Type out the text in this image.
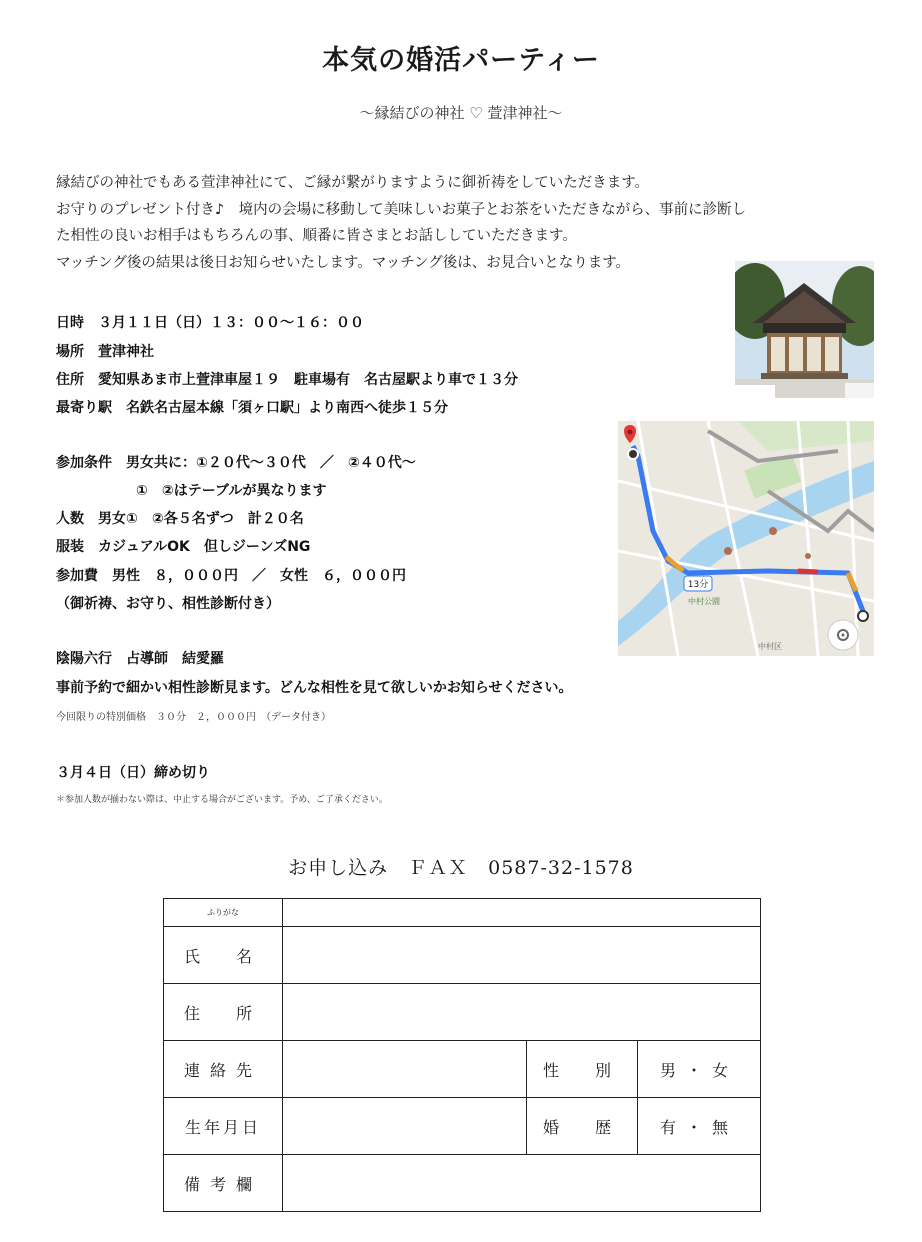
本気の婚活パーティー
～縁結びの神社 ♡ 萱津神社～

縁結びの神社でもある萱津神社にて、ご縁が繋がりますように御祈祷をしていただきます。

お守りのプレゼント付き♪　境内の会場に移動して美味しいお菓子とお茶をいただきながら、事前に診断し

た相性の良いお相手はもちろんの事、順番に皆さまとお話ししていただきます。

マッチング後の結果は後日お知らせいたします。マッチング後は、お見合いとなります。

日時　３月１１日（日）１３：００～１６：００
場所　萱津神社
住所　愛知県あま市上萱津車屋１９　駐車場有　名古屋駅より車で１３分
最寄り駅　名鉄名古屋本線「須ヶ口駅」より南西へ徒歩１５分
参加条件　男女共に：①２０代～３０代　／　②４０代～
①　②はテーブルが異なります
人数　男女①　②各５名ずつ　計２０名
服装　カジュアルOK　但しジーンズNG
参加費　男性　８，０００円　／　女性　６，０００円
（御祈祷、お守り、相性診断付き）
陰陽六行　占導師　結愛羅
事前予約で細かい相性診断見ます。どんな相性を見て欲しいかお知らせください。
今回限りの特別価格　３０分　２，０００円　（データ付き）
３月４日（日）締め切り
＊参加人数が揃わない際は、中止する場合がございます。予め、ご了承ください。
13分
中村公園
中村区
お申し込み　ＦＡＸ　0587-32-1578
ふりがな			
氏　名			
住　所			
連絡先		性　別	男・女
生年月日		婚　歴	有・無
備考欄			
